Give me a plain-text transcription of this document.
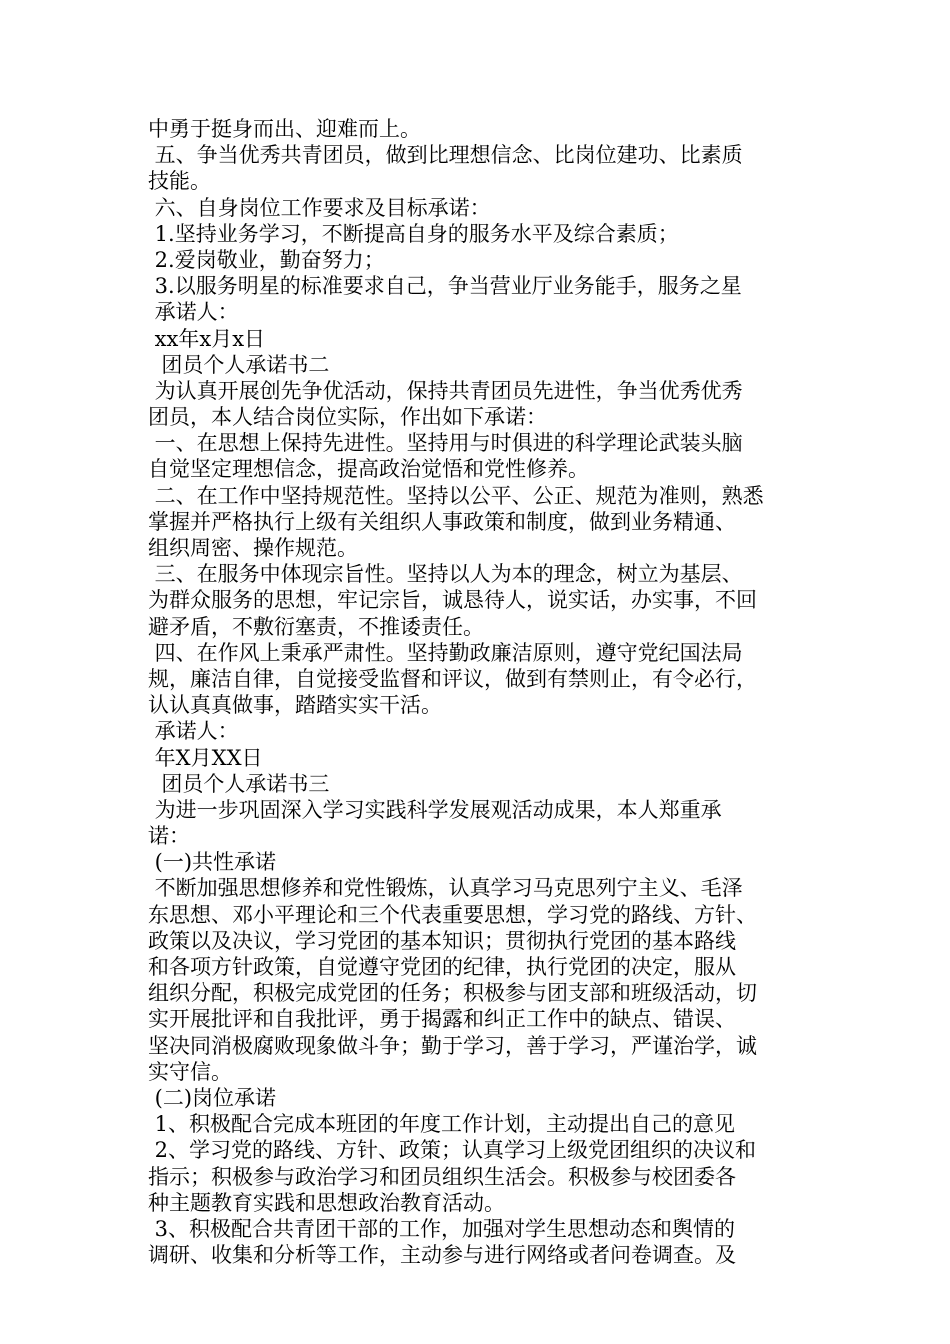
中勇于挺身而出、迎难而上。
五、争当优秀共青团员，做到比理想信念、比岗位建功、比素质
技能。
六、自身岗位工作要求及目标承诺：
1.坚持业务学习，不断提高自身的服务水平及综合素质；
2.爱岗敬业，勤奋努力；
3.以服务明星的标准要求自己，争当营业厅业务能手，服务之星
承诺人：
xx年x月x日
团员个人承诺书二
为认真开展创先争优活动，保持共青团员先进性，争当优秀优秀
团员，本人结合岗位实际，作出如下承诺：
一、在思想上保持先进性。坚持用与时俱进的科学理论武装头脑
自觉坚定理想信念，提高政治觉悟和党性修养。
二、在工作中坚持规范性。坚持以公平、公正、规范为准则，熟悉
掌握并严格执行上级有关组织人事政策和制度，做到业务精通、
组织周密、操作规范。
三、在服务中体现宗旨性。坚持以人为本的理念，树立为基层、
为群众服务的思想，牢记宗旨，诚恳待人，说实话，办实事，不回
避矛盾，不敷衍塞责，不推诿责任。
四、在作风上秉承严肃性。坚持勤政廉洁原则，遵守党纪国法局
规，廉洁自律，自觉接受监督和评议，做到有禁则止，有令必行，
认认真真做事，踏踏实实干活。
承诺人：
年X月XX日
团员个人承诺书三
为进一步巩固深入学习实践科学发展观活动成果，本人郑重承
诺：
(一)共性承诺
不断加强思想修养和党性锻炼，认真学习马克思列宁主义、毛泽
东思想、邓小平理论和三个代表重要思想，学习党的路线、方针、
政策以及决议，学习党团的基本知识；贯彻执行党团的基本路线
和各项方针政策，自觉遵守党团的纪律，执行党团的决定，服从
组织分配，积极完成党团的任务；积极参与团支部和班级活动，切
实开展批评和自我批评，勇于揭露和纠正工作中的缺点、错误、
坚决同消极腐败现象做斗争；勤于学习，善于学习，严谨治学，诚
实守信。
(二)岗位承诺
1、积极配合完成本班团的年度工作计划，主动提出自己的意见
2、学习党的路线、方针、政策；认真学习上级党团组织的决议和
指示；积极参与政治学习和团员组织生活会。积极参与校团委各
种主题教育实践和思想政治教育活动。
3、积极配合共青团干部的工作，加强对学生思想动态和舆情的
调研、收集和分析等工作，主动参与进行网络或者问卷调查。及
